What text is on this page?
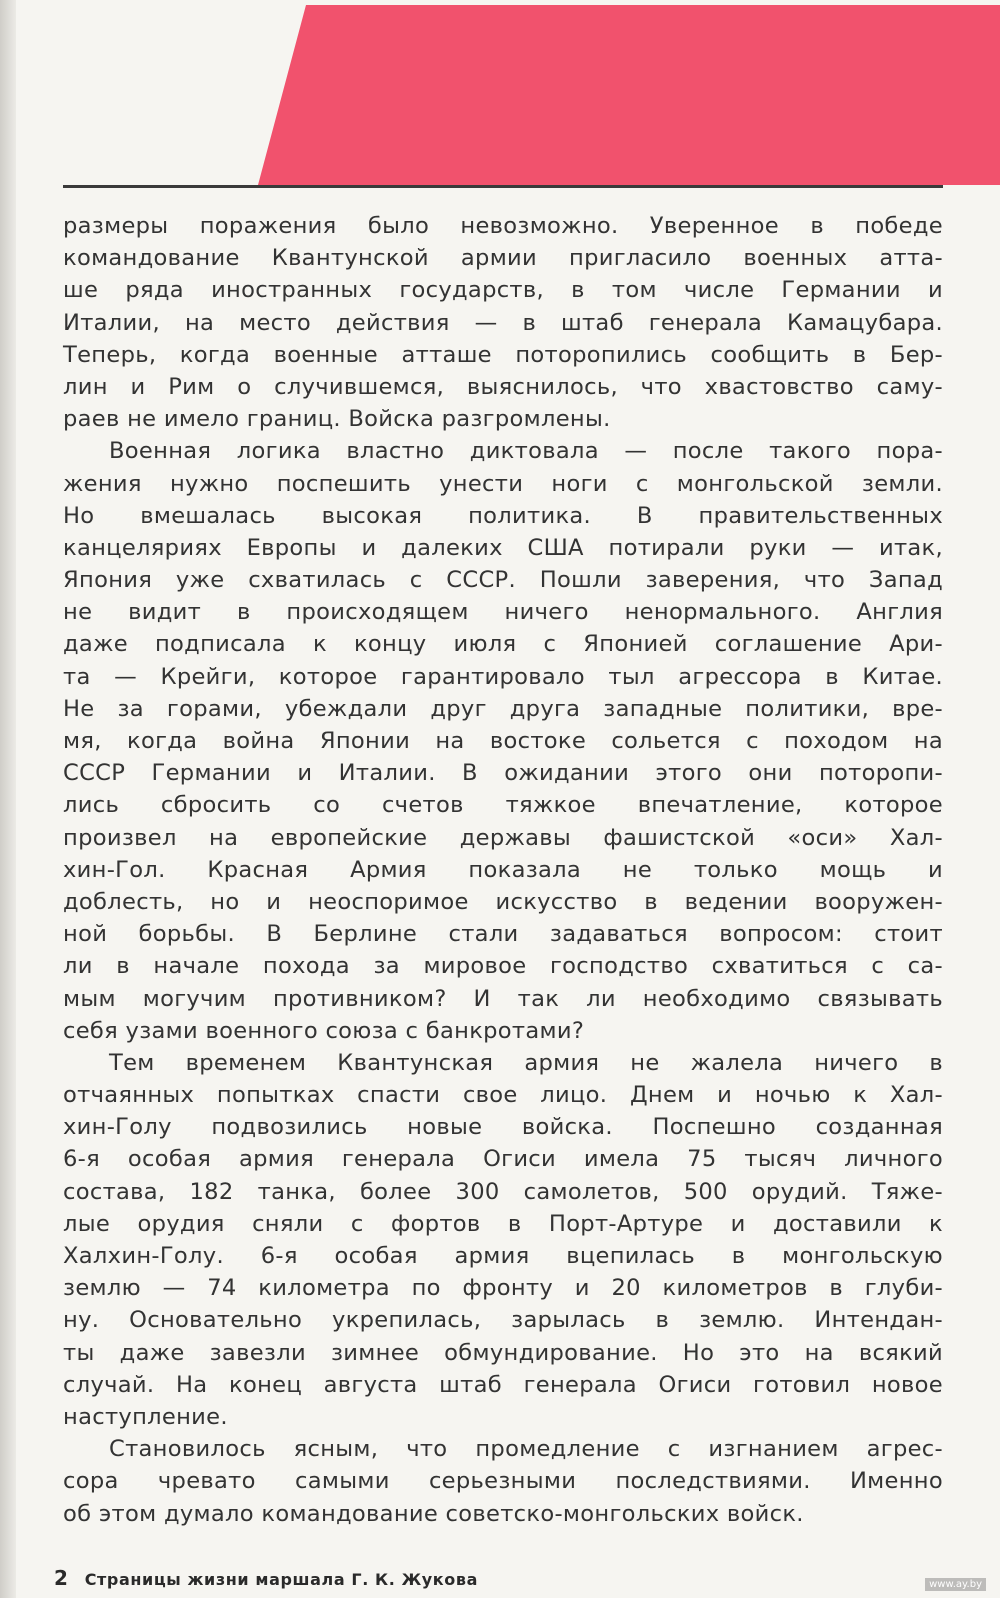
размеры поражения было невозможно. Уверенное в победе
командование Квантунской армии пригласило военных атта-
ше ряда иностранных государств, в том числе Германии и
Италии, на место действия — в штаб генерала Камацубара.
Теперь, когда военные атташе поторопились сообщить в Бер-
лин и Рим о случившемся, выяснилось, что хвастовство саму-
раев не имело границ. Войска разгромлены.
Военная логика властно диктовала — после такого пора-
жения нужно поспешить унести ноги с монгольской земли.
Но вмешалась высокая политика. В правительственных
канцеляриях Европы и далеких США потирали руки — итак,
Япония уже схватилась с СССР. Пошли заверения, что Запад
не видит в происходящем ничего ненормального. Англия
даже подписала к концу июля с Японией соглашение Ари-
та — Крейги, которое гарантировало тыл агрессора в Китае.
Не за горами, убеждали друг друга западные политики, вре-
мя, когда война Японии на востоке сольется с походом на
СССР Германии и Италии. В ожидании этого они поторопи-
лись сбросить со счетов тяжкое впечатление, которое
произвел на европейские державы фашистской «оси» Хал-
хин-Гол. Красная Армия показала не только мощь и
доблесть, но и неоспоримое искусство в ведении вооружен-
ной борьбы. В Берлине стали задаваться вопросом: стоит
ли в начале похода за мировое господство схватиться с са-
мым могучим противником? И так ли необходимо связывать
себя узами военного союза с банкротами?
Тем временем Квантунская армия не жалела ничего в
отчаянных попытках спасти свое лицо. Днем и ночью к Хал-
хин-Голу подвозились новые войска. Поспешно созданная
6-я особая армия генерала Огиси имела 75 тысяч личного
состава, 182 танка, более 300 самолетов, 500 орудий. Тяже-
лые орудия сняли с фортов в Порт-Артуре и доставили к
Халхин-Голу. 6-я особая армия вцепилась в монгольскую
землю — 74 километра по фронту и 20 километров в глуби-
ну. Основательно укрепилась, зарылась в землю. Интендан-
ты даже завезли зимнее обмундирование. Но это на всякий
случай. На конец августа штаб генерала Огиси готовил новое
наступление.
Становилось ясным, что промедление с изгнанием агрес-
сора чревато самыми серьезными последствиями. Именно
об этом думало командование советско-монгольских войск.
2 Страницы жизни маршала Г. К. Жукова	www.ay.by
